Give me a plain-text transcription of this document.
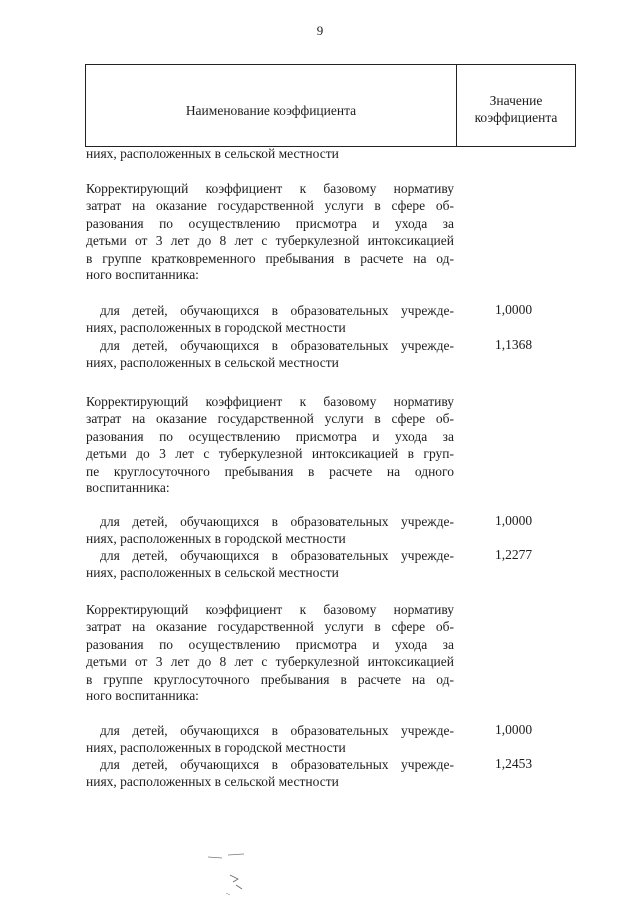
9
Наименование коэффициента
Значение
коэффициента
ниях, расположенных в сельской местности
Корректирующий коэффициент к базовому нормативу
затрат на оказание государственной услуги в сфере об-
разования по осуществлению присмотра и ухода за
детьми от 3 лет до 8 лет с туберкулезной интоксикацией
в группе кратковременного пребывания в расчете на од-
ного воспитанника:
для детей, обучающихся в образовательных учрежде-
ниях, расположенных в городской местности
1,0000
для детей, обучающихся в образовательных учрежде-
ниях, расположенных в сельской местности
1,1368
Корректирующий коэффициент к базовому нормативу
затрат на оказание государственной услуги в сфере об-
разования по осуществлению присмотра и ухода за
детьми до 3 лет с туберкулезной интоксикацией в груп-
пе круглосуточного пребывания в расчете на одного
воспитанника:
для детей, обучающихся в образовательных учрежде-
ниях, расположенных в городской местности
1,0000
для детей, обучающихся в образовательных учрежде-
ниях, расположенных в сельской местности
1,2277
Корректирующий коэффициент к базовому нормативу
затрат на оказание государственной услуги в сфере об-
разования по осуществлению присмотра и ухода за
детьми от 3 лет до 8 лет с туберкулезной интоксикацией
в группе круглосуточного пребывания в расчете на од-
ного воспитанника:
для детей, обучающихся в образовательных учрежде-
ниях, расположенных в городской местности
1,0000
для детей, обучающихся в образовательных учрежде-
ниях, расположенных в сельской местности
1,2453
